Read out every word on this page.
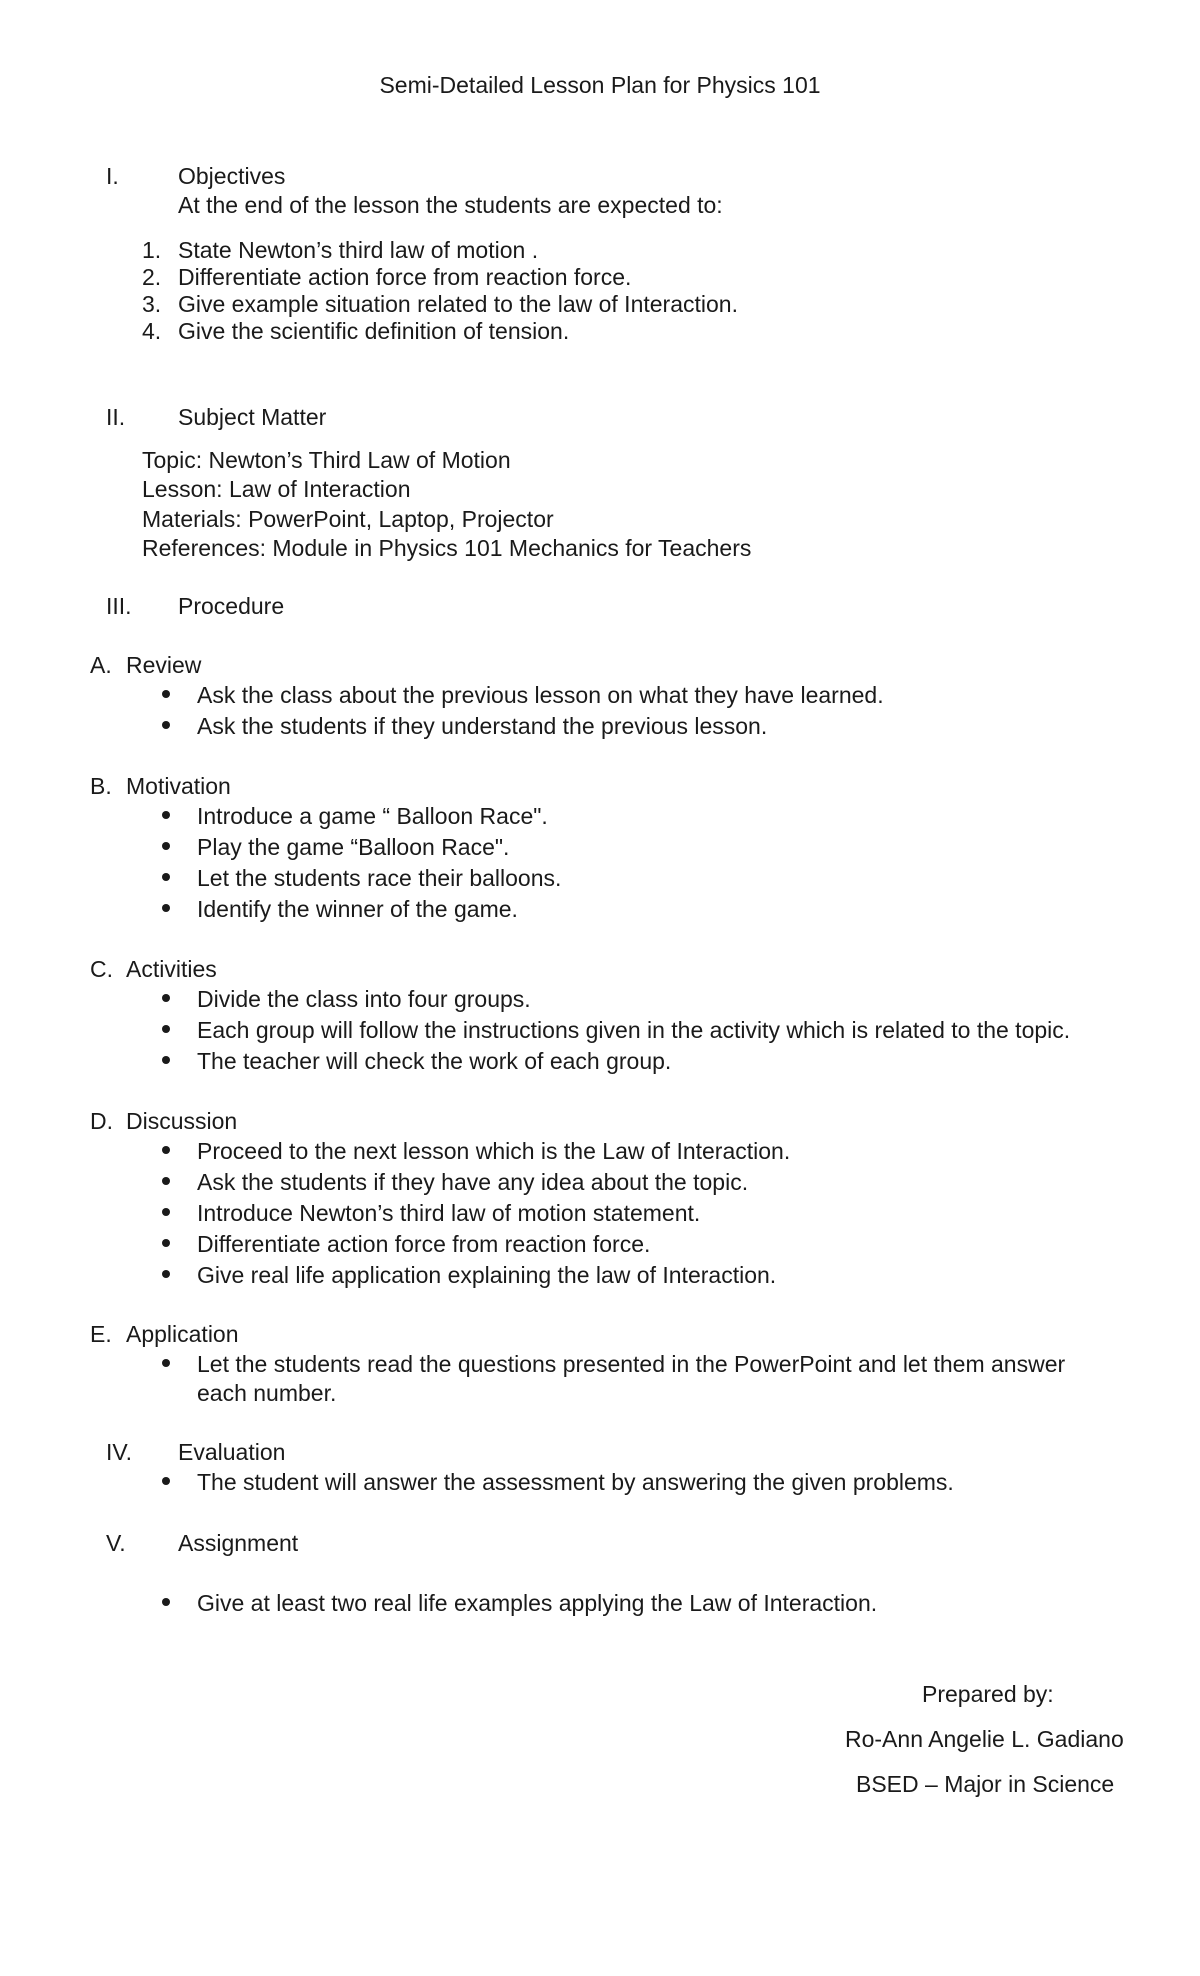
Semi-Detailed Lesson Plan for Physics 101
I.	Objectives
At the end of the lesson the students are expected to:
1. State Newton’s third law of motion .
2. Differentiate action force from reaction force.
3. Give example situation related to the law of Interaction.
4. Give the scientific definition of tension.
II. Subject Matter
Topic: Newton’s Third Law of Motion
Lesson: Law of Interaction
Materials: PowerPoint, Laptop, Projector
References: Module in Physics 101 Mechanics for Teachers
III. Procedure
A. Review
Ask the class about the previous lesson on what they have learned.
Ask the students if they understand the previous lesson.
B. Motivation
Introduce a game “ Balloon Race".
Play the game “Balloon Race".
Let the students race their balloons.
Identify the winner of the game.
C. Activities
Divide the class into four groups.
Each group will follow the instructions given in the activity which is related to the topic.
The teacher will check the work of each group.
D. Discussion
Proceed to the next lesson which is the Law of Interaction.
Ask the students if they have any idea about the topic.
Introduce Newton’s third law of motion statement.
Differentiate action force from reaction force.
Give real life application explaining the law of Interaction.
E. Application
Let the students read the questions presented in the PowerPoint and let them answer
each number.
IV. Evaluation
The student will answer the assessment by answering the given problems.
V. Assignment
Give at least two real life examples applying the Law of Interaction.
Prepared by:
Ro-Ann Angelie L. Gadiano
BSED – Major in Science
